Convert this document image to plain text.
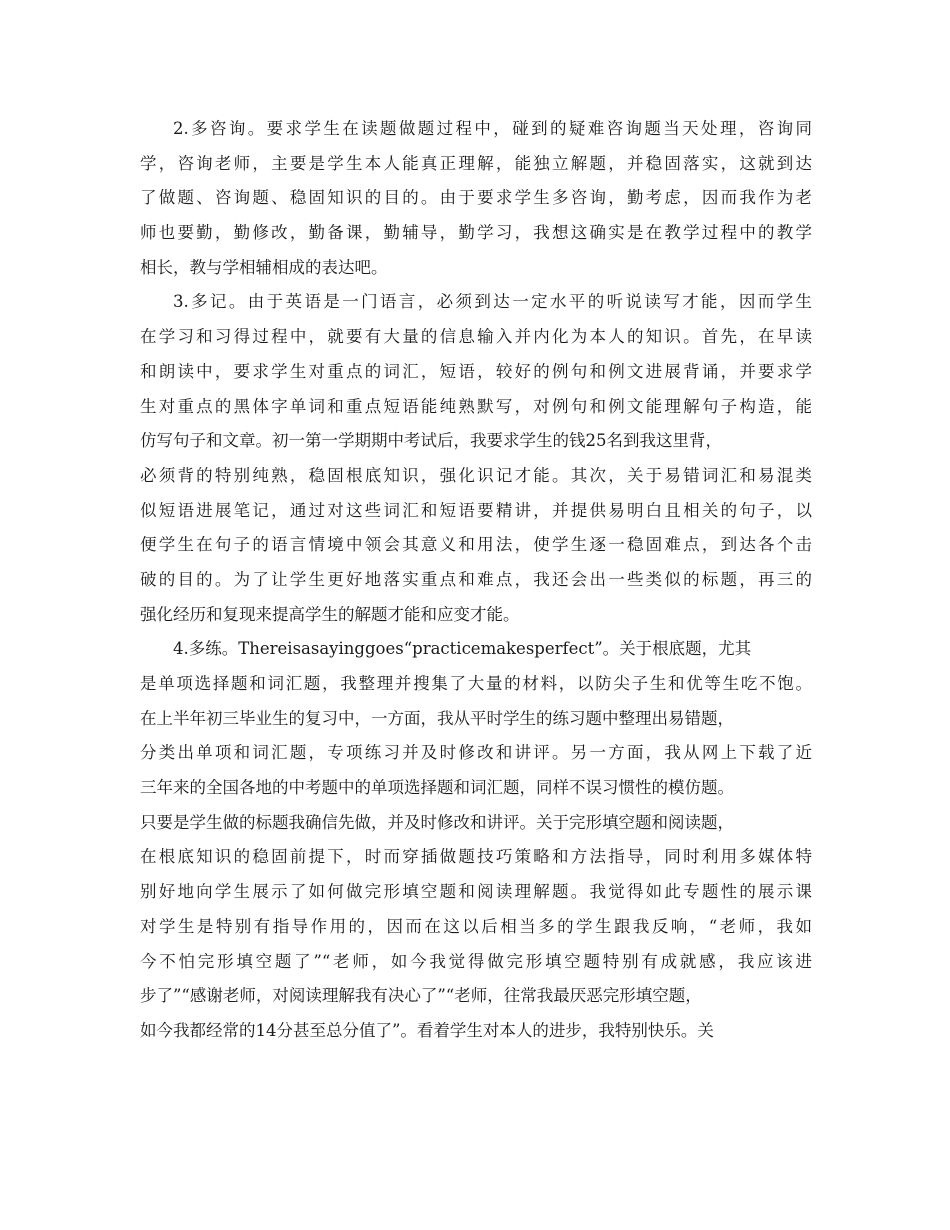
2.多咨询。要求学生在读题做题过程中，碰到的疑难咨询题当天处理，咨询同
学，咨询老师，主要是学生本人能真正理解，能独立解题，并稳固落实，这就到达
了做题、咨询题、稳固知识的目的。由于要求学生多咨询，勤考虑，因而我作为老
师也要勤，勤修改，勤备课，勤辅导，勤学习，我想这确实是在教学过程中的教学
相长，教与学相辅相成的表达吧。
3.多记。由于英语是一门语言，必须到达一定水平的听说读写才能，因而学生
在学习和习得过程中，就要有大量的信息输入并内化为本人的知识。首先，在早读
和朗读中，要求学生对重点的词汇，短语，较好的例句和例文进展背诵，并要求学
生对重点的黑体字单词和重点短语能纯熟默写，对例句和例文能理解句子构造，能
仿写句子和文章。初一第一学期期中考试后，我要求学生的钱25名到我这里背，
必须背的特别纯熟，稳固根底知识，强化识记才能。其次，关于易错词汇和易混类
似短语进展笔记，通过对这些词汇和短语要精讲，并提供易明白且相关的句子，以
便学生在句子的语言情境中领会其意义和用法，使学生逐一稳固难点，到达各个击
破的目的。为了让学生更好地落实重点和难点，我还会出一些类似的标题，再三的
强化经历和复现来提高学生的解题才能和应变才能。
4.多练。Thereisasayinggoes“practicemakesperfect”。关于根底题，尤其
是单项选择题和词汇题，我整理并搜集了大量的材料，以防尖子生和优等生吃不饱。
在上半年初三毕业生的复习中，一方面，我从平时学生的练习题中整理出易错题，
分类出单项和词汇题，专项练习并及时修改和讲评。另一方面，我从网上下载了近
三年来的全国各地的中考题中的单项选择题和词汇题，同样不误习惯性的模仿题。
只要是学生做的标题我确信先做，并及时修改和讲评。关于完形填空题和阅读题，
在根底知识的稳固前提下，时而穿插做题技巧策略和方法指导，同时利用多媒体特
别好地向学生展示了如何做完形填空题和阅读理解题。我觉得如此专题性的展示课
对学生是特别有指导作用的，因而在这以后相当多的学生跟我反响，“老师，我如
今不怕完形填空题了”“老师，如今我觉得做完形填空题特别有成就感，我应该进
步了”“感谢老师，对阅读理解我有决心了”“老师，往常我最厌恶完形填空题，
如今我都经常的14分甚至总分值了”。看着学生对本人的进步，我特别快乐。关
